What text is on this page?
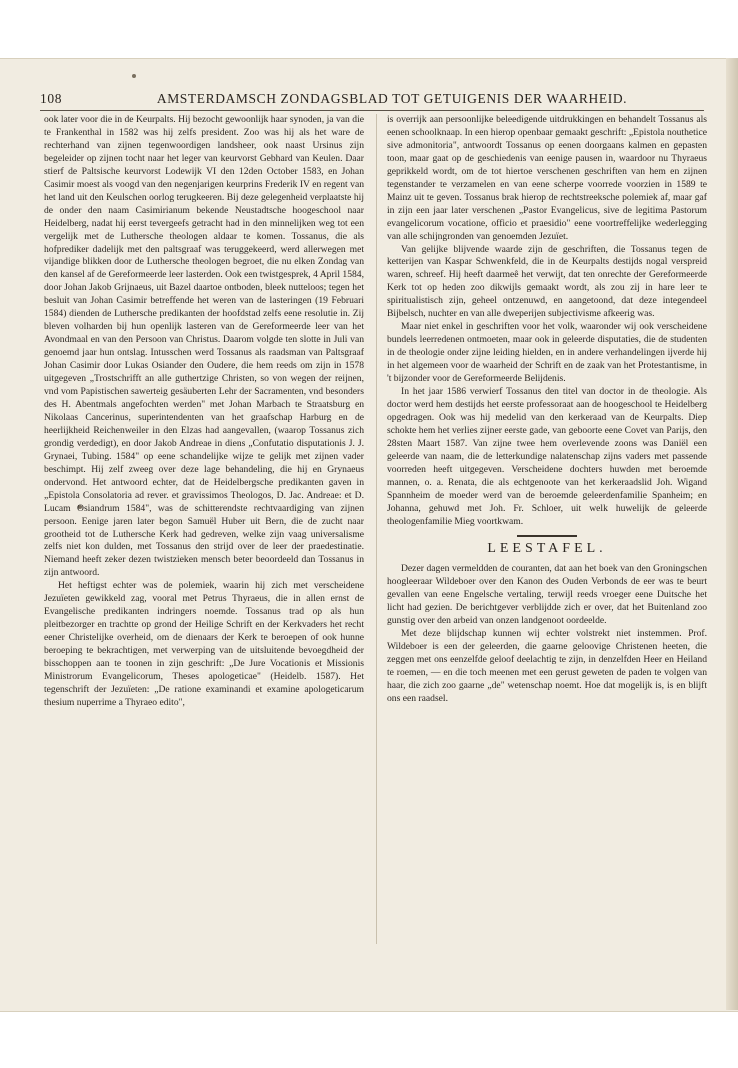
108	AMSTERDAMSCH ZONDAGSBLAD TOT GETUIGENIS DER WAARHEID.

ook later voor die in de Keurpalts. Hij bezocht gewoonlijk haar synoden, ja van die te Frankenthal in 1582 was hij zelfs president. Zoo was hij als het ware de rechterhand van zijnen tegenwoordigen landsheer, ook naast Ursinus zijn begeleider op zijnen tocht naar het leger van keurvorst Gebhard van Keulen. Daar stierf de Paltsische keurvorst Lodewijk VI den 12den October 1583, en Johan Casimir moest als voogd van den negenjarigen keurprins Frederik IV en regent van het land uit den Keulschen oorlog terugkeeren. Bij deze gelegenheid verplaatste hij de onder den naam Casimirianum bekende Neustadtsche hoogeschool naar Heidelberg, nadat hij eerst tevergeefs getracht had in den minnelijken weg tot een vergelijk met de Luthersche theologen aldaar te komen. Tossanus, die als hofprediker dadelijk met den paltsgraaf was teruggekeerd, werd allerwegen met vijandige blikken door de Luthersche theologen begroet, die nu elken Zondag van den kansel af de Gereformeerde leer lasterden. Ook een twistgesprek, 4 April 1584, door Johan Jakob Grijnaeus, uit Bazel daartoe ontboden, bleek nutteloos; tegen het besluit van Johan Casimir betreffende het weren van de lasteringen (19 Februari 1584) dienden de Luthersche predikanten der hoofdstad zelfs eene resolutie in. Zij bleven volharden bij hun openlijk lasteren van de Gereformeerde leer van het Avondmaal en van den Persoon van Christus. Daarom volgde ten slotte in Juli van genoemd jaar hun ontslag. Intusschen werd Tossanus als raadsman van Paltsgraaf Johan Casimir door Lukas Osiander den Oudere, die hem reeds om zijn in 1578 uitgegeven „Trostschrifft an alle guthertzige Christen, so von wegen der reijnen, vnd vom Papistischen sawerteig gesäuberten Lehr der Sacramenten, vnd besonders des H. Abentmals angefochten werden" met Johan Marbach te Straatsburg en Nikolaas Cancerinus, superintendenten van het graafschap Harburg en de heerlijkheid Reichenweiler in den Elzas had aangevallen, (waarop Tossanus zich grondig verdedigt), en door Jakob Andreae in diens „Confutatio disputationis J. J. Grynaei, Tubing. 1584" op eene schandelijke wijze te gelijk met zijnen vader beschimpt. Hij zelf zweeg over deze lage behandeling, die hij en Grynaeus ondervond. Het antwoord echter, dat de Heidelbergsche predikanten gaven in „Epistola Consolatoria ad rever. et gravissimos Theologos, D. Jac. Andreae: et D. Lucam Osiandrum 1584", was de schitterendste rechtvaardiging van zijnen persoon. Eenige jaren later begon Samuël Huber uit Bern, die de zucht naar grootheid tot de Luthersche Kerk had gedreven, welke zijn vaag universalisme zelfs niet kon dulden, met Tossanus den strijd over de leer der praedestinatie. Niemand heeft zeker dezen twistzieken mensch beter beoordeeld dan Tossanus in zijn antwoord.

Het heftigst echter was de polemiek, waarin hij zich met verscheidene Jezuïeten gewikkeld zag, vooral met Petrus Thyraeus, die in allen ernst de Evangelische predikanten indringers noemde. Tossanus trad op als hun pleitbezorger en trachtte op grond der Heilige Schrift en der Kerkvaders het recht eener Christelijke overheid, om de dienaars der Kerk te beroepen of ook hunne beroeping te bekrachtigen, met verwerping van de uitsluitende bevoegdheid der bisschoppen aan te toonen in zijn geschrift: „De Jure Vocationis et Missionis Ministrorum Evangelicorum, Theses apologeticae" (Heidelb. 1587). Het tegenschrift der Jezuïeten: „De ratione examinandi et examine apologeticarum thesium nuperrime a Thyraeo edito",

is overrijk aan persoonlijke beleedigende uitdrukkingen en behandelt Tossanus als eenen schoolknaap. In een hierop openbaar gemaakt geschrift: „Epistola nouthetice sive admonitoria", antwoordt Tossanus op eenen doorgaans kalmen en gepasten toon, maar gaat op de geschiedenis van eenige pausen in, waardoor nu Thyraeus geprikkeld wordt, om de tot hiertoe verschenen geschriften van hem en zijnen tegenstander te verzamelen en van eene scherpe voorrede voorzien in 1589 te Mainz uit te geven. Tossanus brak hierop de rechtstreeksche polemiek af, maar gaf in zijn een jaar later verschenen „Pastor Evangelicus, sive de legitima Pastorum evangelicorum vocatione, officio et praesidio" eene voortreffelijke wederlegging van alle schijngronden van genoemden Jezuïet.

Van gelijke blijvende waarde zijn de geschriften, die Tossanus tegen de ketterijen van Kaspar Schwenkfeld, die in de Keurpalts destijds nogal verspreid waren, schreef. Hij heeft daarmeê het verwijt, dat ten onrechte der Gereformeerde Kerk tot op heden zoo dikwijls gemaakt wordt, als zou zij in hare leer te spiritualistisch zijn, geheel ontzenuwd, en aangetoond, dat deze integendeel Bijbelsch, nuchter en van alle dweperijen subjectivisme afkeerig was.

Maar niet enkel in geschriften voor het volk, waaronder wij ook verscheidene bundels leerredenen ontmoeten, maar ook in geleerde disputaties, die de studenten in de theologie onder zijne leiding hielden, en in andere verhandelingen ijverde hij in het algemeen voor de waarheid der Schrift en de zaak van het Protestantisme, in 't bijzonder voor de Gereformeerde Belijdenis.

In het jaar 1586 verwierf Tossanus den titel van doctor in de theologie. Als doctor werd hem destijds het eerste professoraat aan de hoogeschool te Heidelberg opgedragen. Ook was hij medelid van den kerkeraad van de Keurpalts. Diep schokte hem het verlies zijner eerste gade, van geboorte eene Covet van Parijs, den 28sten Maart 1587. Van zijne twee hem overlevende zoons was Daniël een geleerde van naam, die de letterkundige nalatenschap zijns vaders met passende voorreden heeft uitgegeven. Verscheidene dochters huwden met beroemde mannen, o. a. Renata, die als echtgenoote van het kerkeraadslid Joh. Wigand Spannheim de moeder werd van de beroemde geleerdenfamilie Spanheim; en Johanna, gehuwd met Joh. Fr. Schloer, uit welk huwelijk de geleerde theologenfamilie Mieg voortkwam.

LEESTAFEL.

Dezer dagen vermeldden de couranten, dat aan het boek van den Groningschen hoogleeraar Wildeboer over den Kanon des Ouden Verbonds de eer was te beurt gevallen van eene Engelsche vertaling, terwijl reeds vroeger eene Duitsche het licht had gezien. De berichtgever verblijdde zich er over, dat het Buitenland zoo gunstig over den arbeid van onzen landgenoot oordeelde.

Met deze blijdschap kunnen wij echter volstrekt niet instemmen. Prof. Wildeboer is een der geleerden, die gaarne geloovige Christenen heeten, die zeggen met ons eenzelfde geloof deelachtig te zijn, in denzelfden Heer en Heiland te roemen, — en die toch meenen met een gerust geweten de paden te volgen van haar, die zich zoo gaarne „de" wetenschap noemt. Hoe dat mogelijk is, is en blijft ons een raadsel.
